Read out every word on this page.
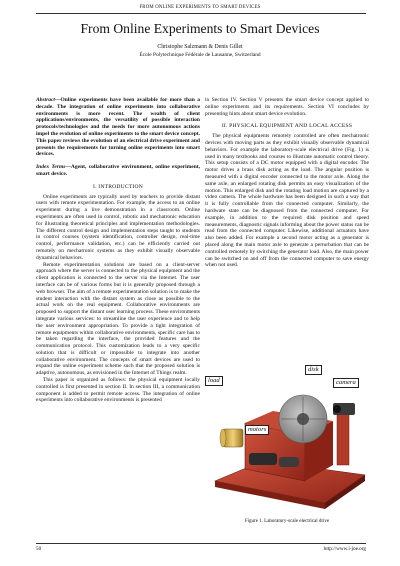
FROM ONLINE EXPERIMENTS TO SMART DEVICES
From Online Experiments to Smart Devices
Christophe Salzmann & Denis Gillet
École Polytechnique Fédérale de Lausanne, Switzerland

Abstract—Online experiments have been available for more than a decade. The integration of online experiments into collaborative environments is more recent. The wealth of client applications/environments, the versatility of possible interaction protocols/technologies and the needs for more autonomous actions impel the evolution of online experiments to the smart device concept. This paper reviews the evolution of an electrical drive experiment and presents the requirements for turning online experiments into smart devices.

Index Terms—Agent, collaborative environment, online experiment, smart device.

I. INTRODUCTION

Online experiments are typically used by teachers to provide distant users with remote experimentation. For example, the access to an online experiment during a live demonstration in a classroom. Online experiments are often used in control, robotic and mechatronic education for illustrating theoretical principles and implementation methodologies. The different control design and implementation steps taught to students in control courses (system identification, controller design, real-time control, performance validation, etc.) can be efficiently carried out remotely on mechatronic systems as they exhibit visually observable dynamical behaviors.

Remote experimentation solutions are based on a client-server approach where the server is connected to the physical equipment and the client application is connected to the server via the Internet. The user interface can be of various forms but it is generally proposed through a web browser. The aim of a remote experimentation solution is to make the student interaction with the distant system as close as possible to the actual work on the real equipment. Collaborative environments are proposed to support the distant user learning process. These environments integrate various services: to streamline the user experience and to help the user environment appropriation. To provide a tight integration of remote equipments within collaborative environments, specific care has to be taken regarding the interface, the provided features and the communication protocol. This customization leads to a very specific solution that is difficult or impossible to integrate into another collaborative environment. The concepts of smart devices are used to expand the online experiment scheme such that the proposed solution is adaptive, autonomous, as envisioned in the Internet of Things realm.

This paper is organized as follows: the physical equipment locally controlled is first presented in section II. In section III, a communication component is added to permit remote access. The integration of online experiments into collaborative environments is presented

in Section IV. Section V presents the smart device concept applied to online experiments and its requirements. Section VI concludes by presenting hints about smart device evolution.

II. PHYSICAL EQUIPMENT AND LOCAL ACCESS

The physical equipments remotely controlled are often mechatronic devices with moving parts as they exhibit visually observable dynamical behaviors. For example the laboratory-scale electrical drive (Fig. 1) is used in many textbooks and courses to illustrate automatic control theory. This setup consists of a DC motor equipped with a digital encoder. The motor drives a brass disk acting as the load. The angular position is measured with a digital encoder connected to the motor axle. Along the same axle, an enlarged rotating disk permits an easy visualization of the motion. This enlarged disk and the rotating load motion are captured by a video camera. The whole hardware has been designed in such a way that it is fully controllable from the connected computer. Similarly, the hardware state can be diagnosed from the connected computer. For example, in addition to the required disk position and speed measurements, diagnostic signals informing about the power status can be read from the connected computer. Likewise, additional actuators have also been added. For example a second motor acting as a generator is placed along the main motor axle to generate a perturbation that can be controlled remotely by switching the generator load. Also, the main power can be switched on and off from the connected computer to save energy when not used.

disk
camera
load
motors
Figure 1. Laboratory-scale electrical drive
50	http://www.i-joe.org
